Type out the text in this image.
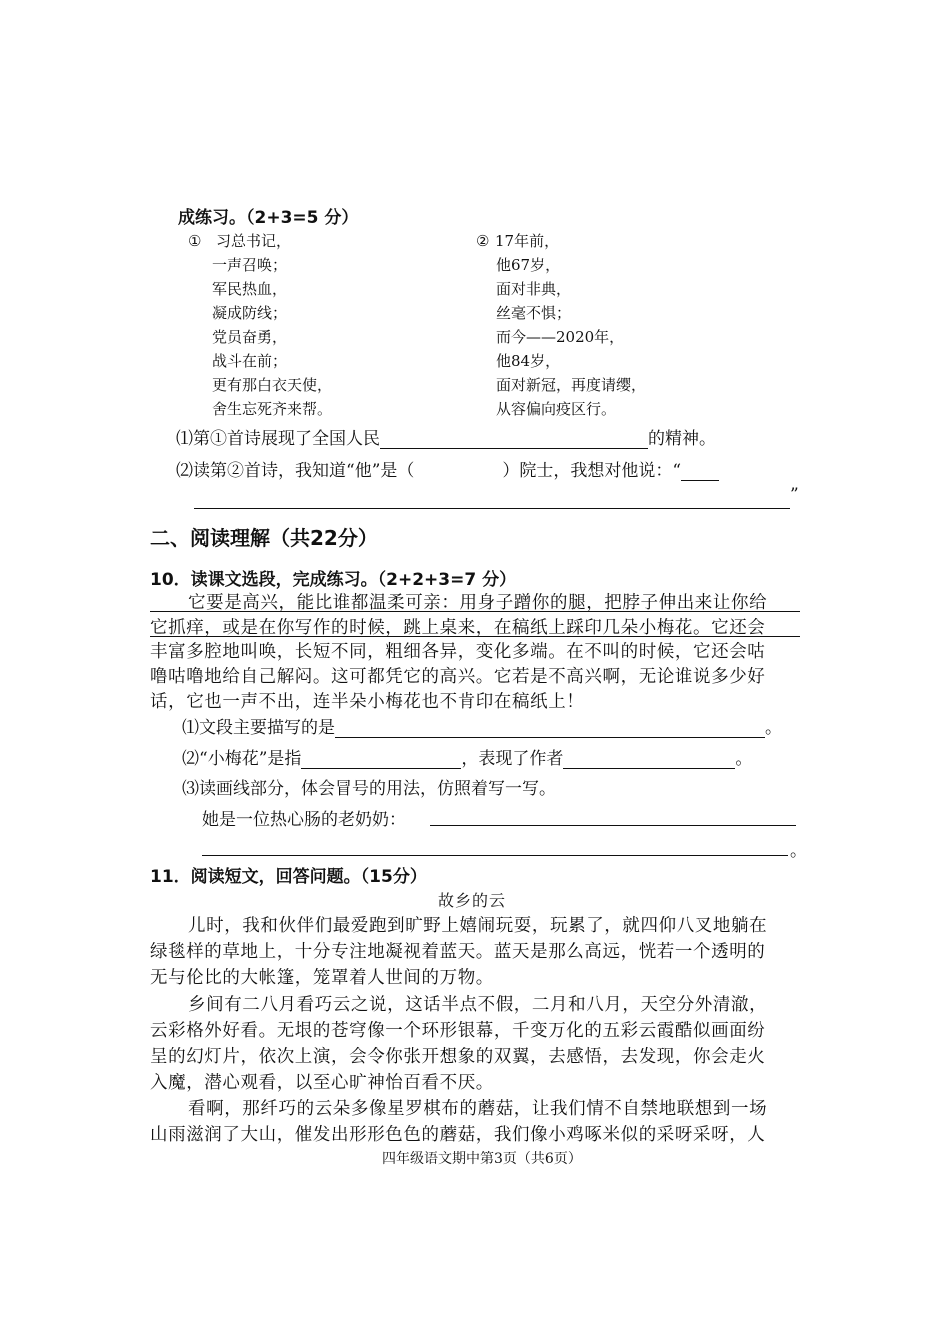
成练习。（2+3=5 分）
① 习总书记，
一声召唤；
军民热血，
凝成防线；
党员奋勇，
战斗在前；
更有那白衣天使，
舍生忘死齐来帮。
② 17年前，
他67岁，
面对非典，
丝毫不惧；
而今——2020年，
他84岁，
面对新冠，再度请缨，
从容偏向疫区行。
⑴第①首诗展现了全国人民	的精神。
⑵读第②首诗，我知道“他”是（	）院士，我想对他说：“
”
二、阅读理解（共22分）
10．读课文选段，完成练习。（2+2+3=7 分）
它要是高兴，能比谁都温柔可亲：用身子蹭你的腿，把脖子伸出来让你给
它抓痒，或是在你写作的时候，跳上桌来，在稿纸上踩印几朵小梅花。它还会
丰富多腔地叫唤，长短不同，粗细各异，变化多端。在不叫的时候，它还会咕
噜咕噜地给自己解闷。这可都凭它的高兴。它若是不高兴啊，无论谁说多少好
话，它也一声不出，连半朵小梅花也不肯印在稿纸上！
⑴文段主要描写的是	。
⑵“小梅花”是指	，表现了作者	。
⑶读画线部分，体会冒号的用法，仿照着写一写。
她是一位热心肠的老奶奶：
。
11．阅读短文，回答问题。（15分）
故乡的云
儿时，我和伙伴们最爱跑到旷野上嬉闹玩耍，玩累了，就四仰八叉地躺在
绿毯样的草地上，十分专注地凝视着蓝天。蓝天是那么高远，恍若一个透明的
无与伦比的大帐篷，笼罩着人世间的万物。
乡间有二八月看巧云之说，这话半点不假，二月和八月，天空分外清澈，
云彩格外好看。无垠的苍穹像一个环形银幕，千变万化的五彩云霞酷似画面纷
呈的幻灯片，依次上演，会令你张开想象的双翼，去感悟，去发现，你会走火
入魔，潜心观看，以至心旷神怡百看不厌。
看啊，那纤巧的云朵多像星罗棋布的蘑菇，让我们情不自禁地联想到一场
山雨滋润了大山，催发出形形色色的蘑菇，我们像小鸡啄米似的采呀采呀，人
四年级语文期中第3页（共6页）
